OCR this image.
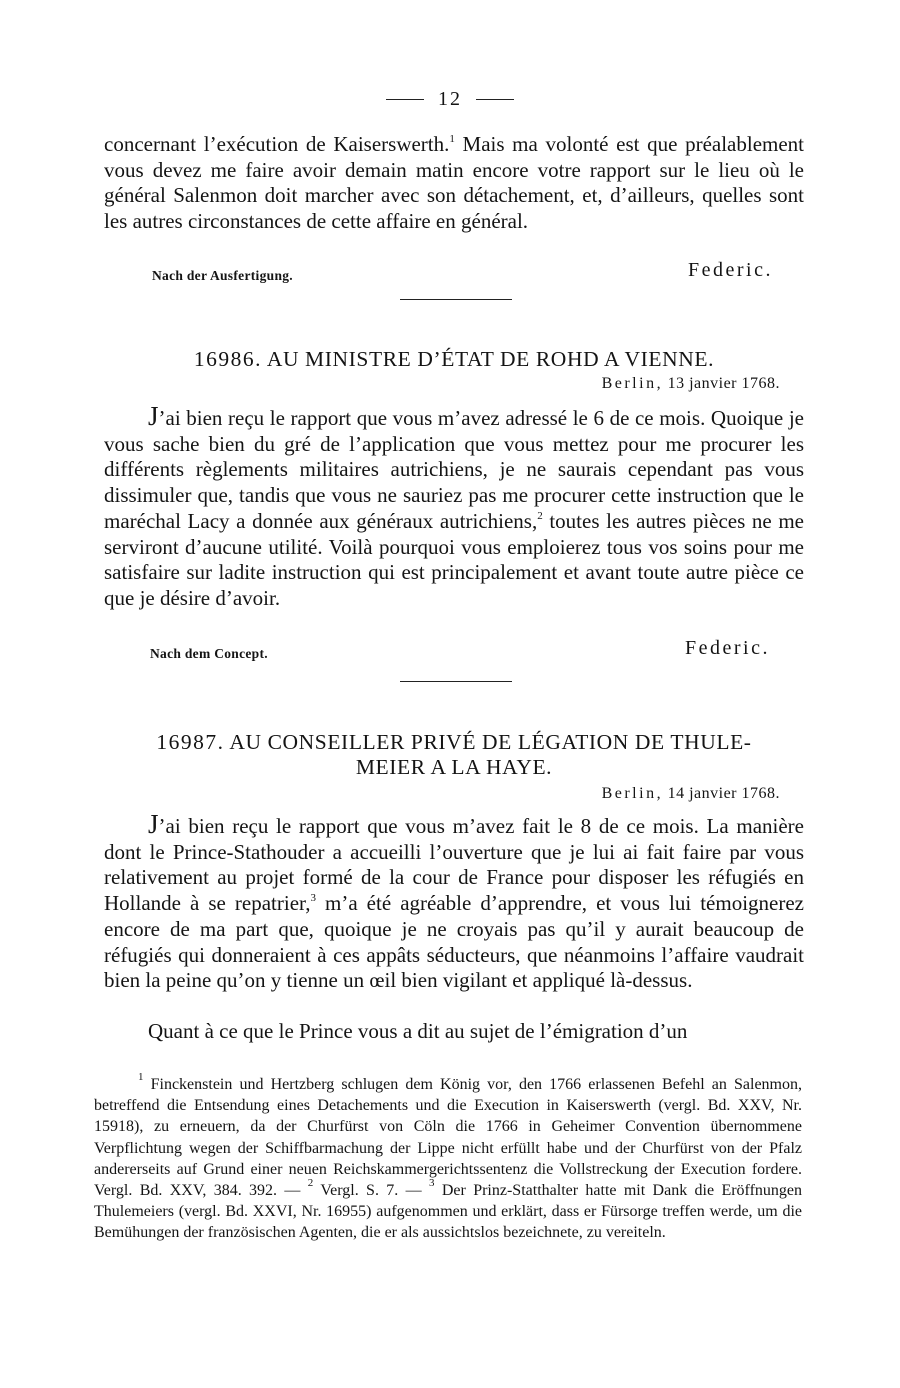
12
concernant l’exécution de Kaiserswerth.$^1$ Mais ma volonté est que préalablement vous devez me faire avoir demain matin encore votre rapport sur le lieu où le général Salenmon doit marcher avec son détachement, et, d’ailleurs, quelles sont les autres circonstances de cette affaire en général.
Nach der Ausfertigung.	Federic.
16986. AU MINISTRE D’ÉTAT DE ROHD A VIENNE.
Berlin, 13 janvier 1768.
J’ai bien reçu le rapport que vous m’avez adressé le 6 de ce mois. Quoique je vous sache bien du gré de l’application que vous mettez pour me procurer les différents règlements militaires autrichiens, je ne saurais cependant pas vous dissimuler que, tandis que vous ne sauriez pas me procurer cette instruction que le maréchal Lacy a donnée aux généraux autrichiens,$^2$ toutes les autres pièces ne me serviront d’aucune utilité. Voilà pourquoi vous emploierez tous vos soins pour me satisfaire sur ladite instruction qui est principalement et avant toute autre pièce ce que je désire d’avoir.
Nach dem Concept.	Federic.
16987. AU CONSEILLER PRIVÉ DE LÉGATION DE THULE-
MEIER A LA HAYE.
Berlin, 14 janvier 1768.
J’ai bien reçu le rapport que vous m’avez fait le 8 de ce mois. La manière dont le Prince-Stathouder a accueilli l’ouverture que je lui ai fait faire par vous relativement au projet formé de la cour de France pour disposer les réfugiés en Hollande à se repatrier,$^3$ m’a été agréable d’apprendre, et vous lui témoignerez encore de ma part que, quoique je ne croyais pas qu’il y aurait beaucoup de réfugiés qui donneraient à ces appâts séducteurs, que néanmoins l’affaire vaudrait bien la peine qu’on y tienne un œil bien vigilant et appliqué là-dessus.
Quant à ce que le Prince vous a dit au sujet de l’émigration d’un
$^1$ Finckenstein und Hertzberg schlugen dem König vor, den 1766 erlassenen Befehl an Salenmon, betreffend die Entsendung eines Detachements und die Execution in Kaiserswerth (vergl. Bd. XXV, Nr. 15918), zu erneuern, da der Churfürst von Cöln die 1766 in Geheimer Convention übernommene Verpflichtung wegen der Schiffbarmachung der Lippe nicht erfüllt habe und der Churfürst von der Pfalz andererseits auf Grund einer neuen Reichskammergerichtssentenz die Vollstreckung der Execution fordere. Vergl. Bd. XXV, 384. 392. — $^2$ Vergl. S. 7. — $^3$ Der Prinz-Statthalter hatte mit Dank die Eröffnungen Thulemeiers (vergl. Bd. XXVI, Nr. 16955) aufgenommen und erklärt, dass er Fürsorge treffen werde, um die Bemühungen der französischen Agenten, die er als aussichtslos bezeichnete, zu vereiteln.
